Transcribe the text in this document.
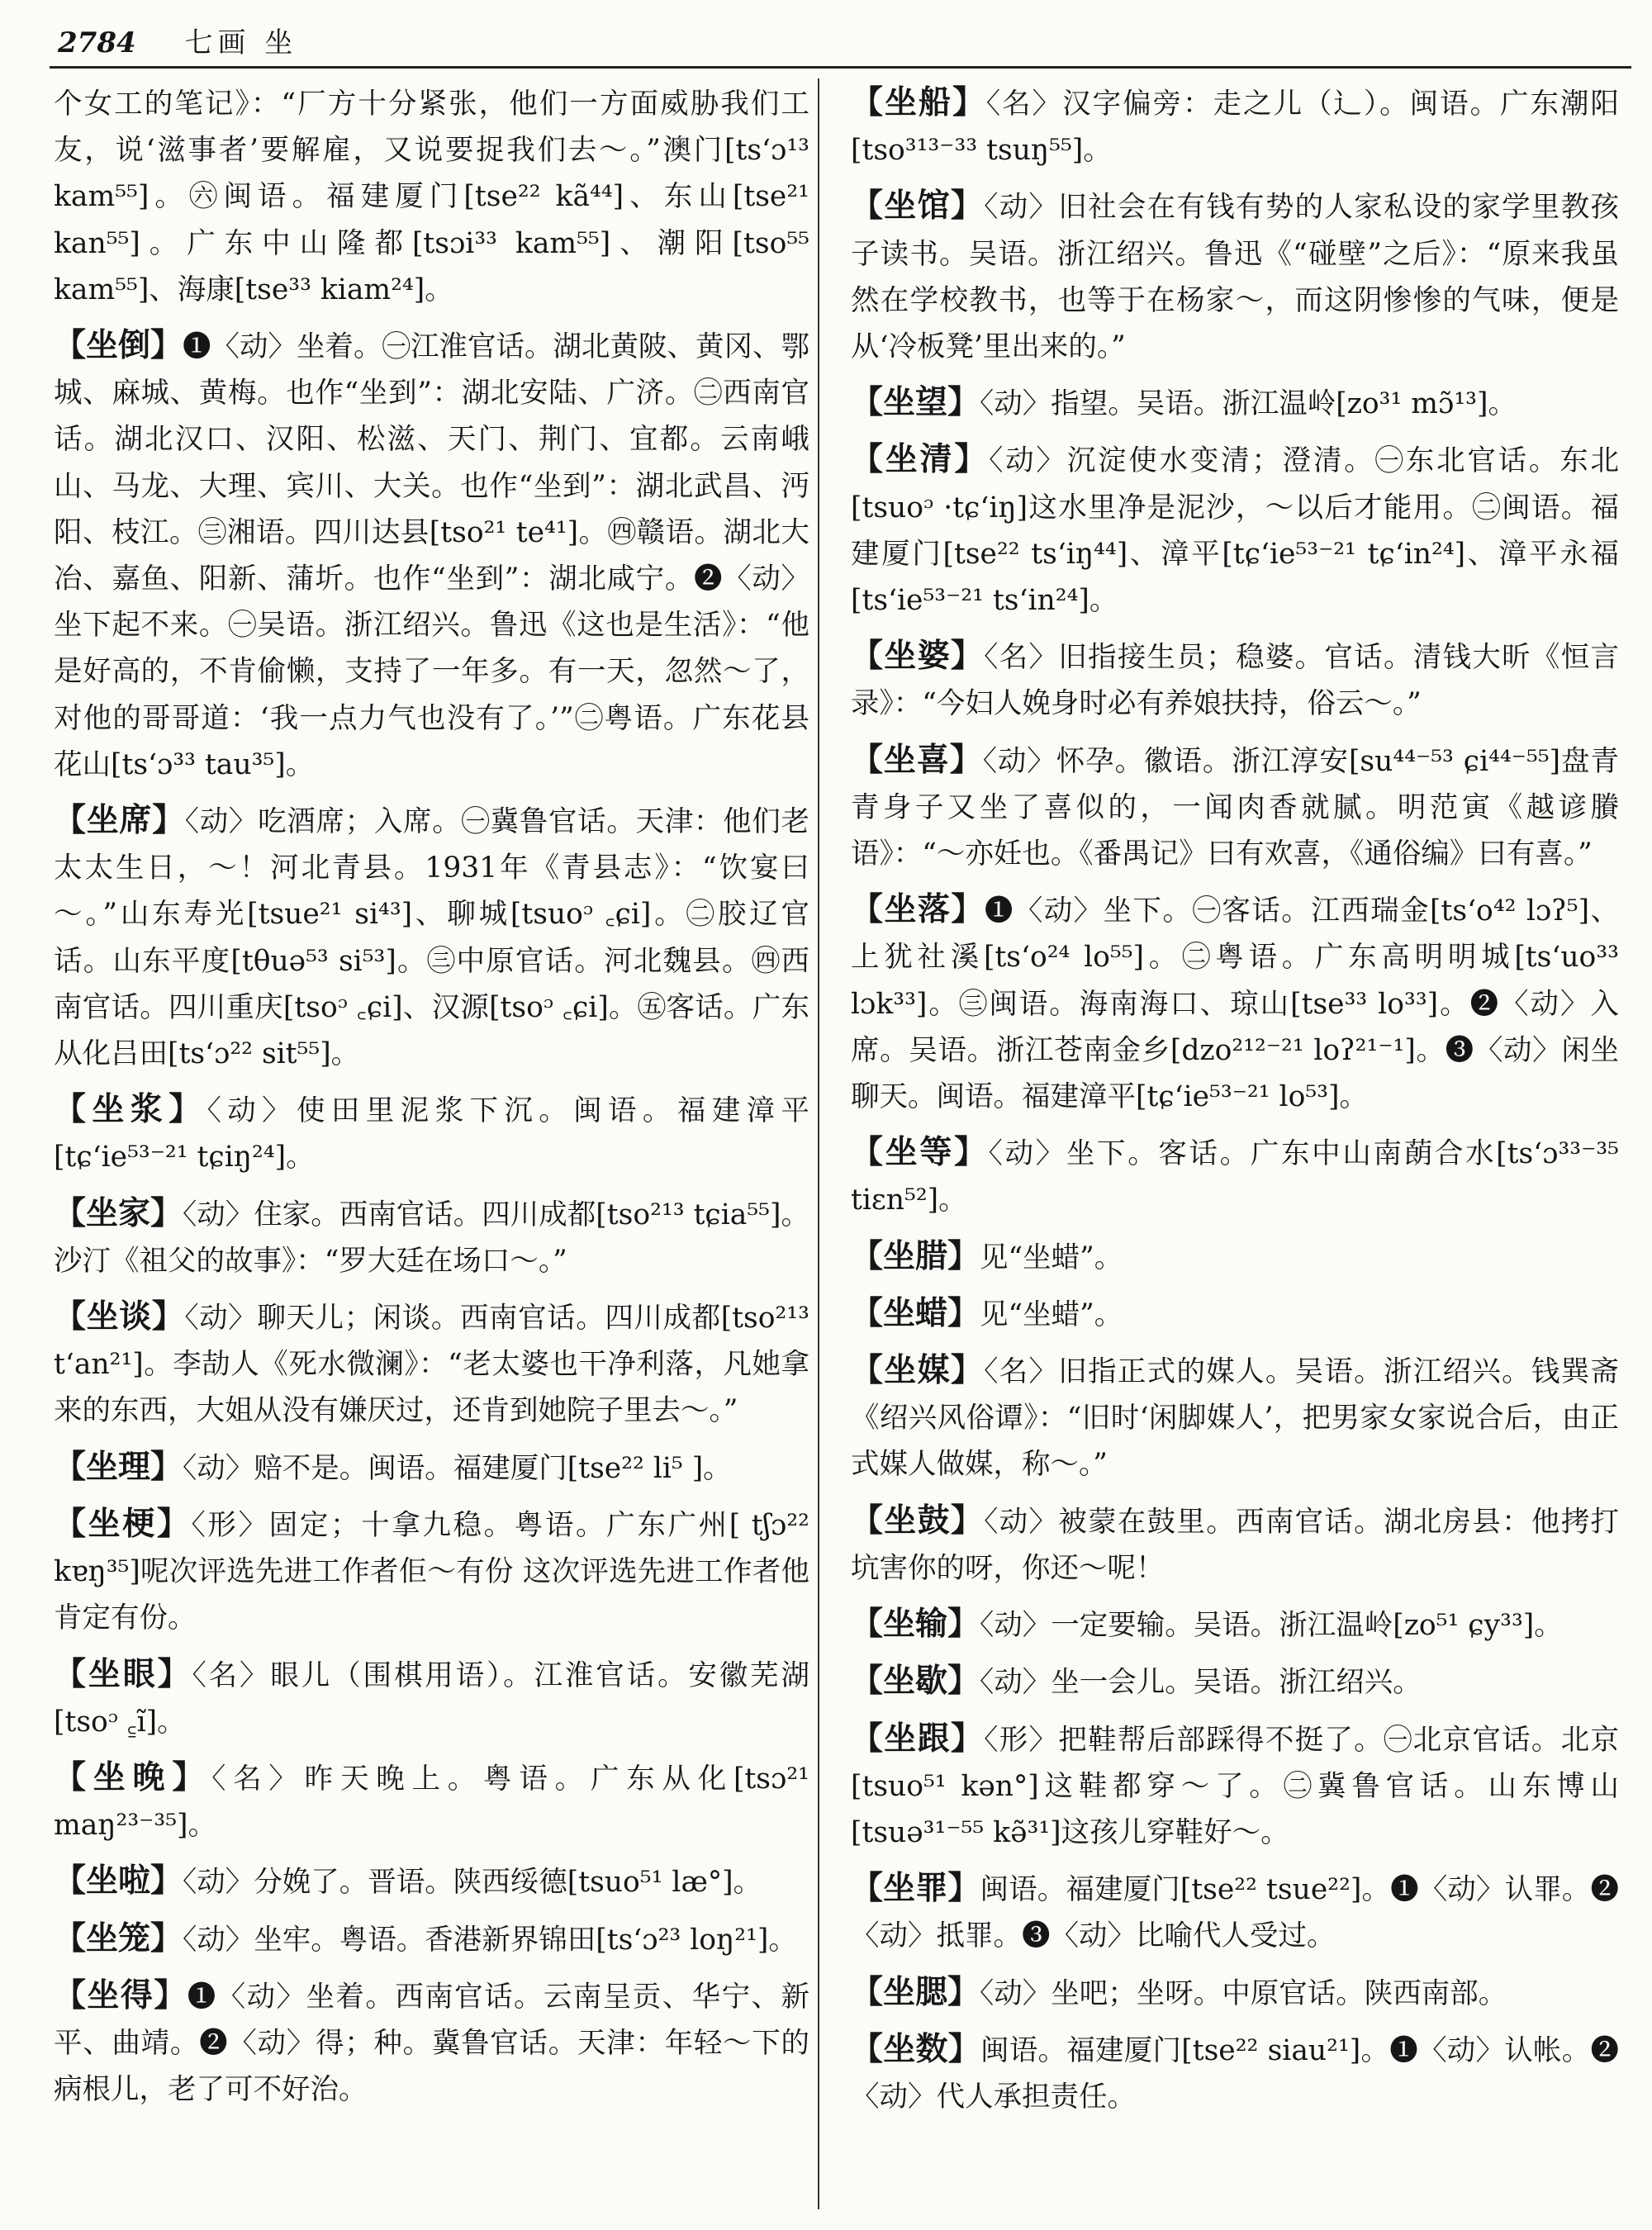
2784 七画 坐

个女工的笔记》：“厂方十分紧张，他们一方面威胁我们工友，说‘滋事者’要解雇，又说要捉我们去～。”澳门[ts‘ɔ¹³ kam⁵⁵]。㊅闽语。福建厦门[tse²² kã⁴⁴]、东山[tse²¹ kan⁵⁵]。广东中山隆都[tsɔi³³ kam⁵⁵]、潮阳[tso⁵⁵ kam⁵⁵]、海康[tse³³ kiam²⁴]。

【坐倒】❶〈动〉坐着。㊀江淮官话。湖北黄陂、黄冈、鄂城、麻城、黄梅。也作“坐到”：湖北安陆、广济。㊁西南官话。湖北汉口、汉阳、松滋、天门、荆门、宜都。云南峨山、马龙、大理、宾川、大关。也作“坐到”：湖北武昌、沔阳、枝江。㊂湘语。四川达县[tso²¹ te⁴¹]。㊃赣语。湖北大冶、嘉鱼、阳新、蒲圻。也作“坐到”：湖北咸宁。❷〈动〉坐下起不来。㊀吴语。浙江绍兴。鲁迅《这也是生活》：“他是好高的，不肯偷懒，支持了一年多。有一天，忽然～了，对他的哥哥道：‘我一点力气也没有了。’”㊁粤语。广东花县花山[ts‘ɔ³³ tau³⁵]。

【坐席】〈动〉吃酒席；入席。㊀冀鲁官话。天津：他们老太太生日，～！河北青县。1931年《青县志》：“饮宴曰～。”山东寿光[tsue²¹ si⁴³]、聊城[tsuoᵓ ꜀ɕi]。㊁胶辽官话。山东平度[tθuə⁵³ si⁵³]。㊂中原官话。河北魏县。㊃西南官话。四川重庆[tsoᵓ ꜀ɕi]、汉源[tsoᵓ ꜀ɕi]。㊄客话。广东从化吕田[ts‘ɔ²² sit⁵⁵]。

【坐浆】〈动〉使田里泥浆下沉。闽语。福建漳平[tɕ‘ie⁵³⁻²¹ tɕiŋ²⁴]。

【坐家】〈动〉住家。西南官话。四川成都[tso²¹³ tɕia⁵⁵]。沙汀《祖父的故事》：“罗大廷在场口～。”

【坐谈】〈动〉聊天儿；闲谈。西南官话。四川成都[tso²¹³ t‘an²¹]。李劼人《死水微澜》：“老太婆也干净利落，凡她拿来的东西，大姐从没有嫌厌过，还肯到她院子里去～。”

【坐理】〈动〉赔不是。闽语。福建厦门[tse²² li⁵ ]。

【坐梗】〈形〉固定；十拿九稳。粤语。广东广州[ tʃɔ²² kɐŋ³⁵]呢次评选先进工作者佢～有份 这次评选先进工作者他肯定有份。

【坐眼】〈名〉眼儿（围棋用语）。江淮官话。安徽芜湖[tsoᵓ ꜁ĩ]。

【坐晚】〈名〉昨天晚上。粤语。广东从化[tsɔ²¹ maŋ²³⁻³⁵]。

【坐啦】〈动〉分娩了。晋语。陕西绥德[tsuo⁵¹ læ°]。

【坐笼】〈动〉坐牢。粤语。香港新界锦田[ts‘ɔ²³ loŋ²¹]。

【坐得】❶〈动〉坐着。西南官话。云南呈贡、华宁、新平、曲靖。❷〈动〉得；种。冀鲁官话。天津：年轻～下的病根儿，老了可不好治。

【坐船】〈名〉汉字偏旁：走之儿（辶）。闽语。广东潮阳[tso³¹³⁻³³ tsuŋ⁵⁵]。

【坐馆】〈动〉旧社会在有钱有势的人家私设的家学里教孩子读书。吴语。浙江绍兴。鲁迅《“碰壁”之后》：“原来我虽然在学校教书，也等于在杨家～，而这阴惨惨的气味，便是从‘冷板凳’里出来的。”

【坐望】〈动〉指望。吴语。浙江温岭[zo³¹ mɔ̃¹³]。

【坐清】〈动〉沉淀使水变清；澄清。㊀东北官话。东北[tsuoᵓ ·tɕ‘iŋ]这水里净是泥沙，～以后才能用。㊁闽语。福建厦门[tse²² ts‘iŋ⁴⁴]、漳平[tɕ‘ie⁵³⁻²¹ tɕ‘in²⁴]、漳平永福[ts‘ie⁵³⁻²¹ ts‘in²⁴]。

【坐婆】〈名〉旧指接生员；稳婆。官话。清钱大昕《恒言录》：“今妇人娩身时必有养娘扶持，俗云～。”

【坐喜】〈动〉怀孕。徽语。浙江淳安[su⁴⁴⁻⁵³ ɕi⁴⁴⁻⁵⁵]盘青青身子又坐了喜似的，一闻肉香就腻。明范寅《越谚賸语》：“～亦妊也。《番禺记》曰有欢喜，《通俗编》曰有喜。”

【坐落】❶〈动〉坐下。㊀客话。江西瑞金[ts‘o⁴² lɔʔ⁵]、上犹社溪[ts‘o²⁴ lo⁵⁵]。㊁粤语。广东高明明城[ts‘uo³³ lɔk³³]。㊂闽语。海南海口、琼山[tse³³ lo³³]。❷〈动〉入席。吴语。浙江苍南金乡[dzo²¹²⁻²¹ loʔ²¹⁻¹]。❸〈动〉闲坐聊天。闽语。福建漳平[tɕ‘ie⁵³⁻²¹ lo⁵³]。

【坐等】〈动〉坐下。客话。广东中山南蓢合水[ts‘ɔ³³⁻³⁵ tiɛn⁵²]。

【坐腊】见“坐蜡”。

【坐蜡】见“坐蜡”。

【坐媒】〈名〉旧指正式的媒人。吴语。浙江绍兴。钱巽斋《绍兴风俗谭》：“旧时‘闲脚媒人’，把男家女家说合后，由正式媒人做媒，称～。”

【坐鼓】〈动〉被蒙在鼓里。西南官话。湖北房县：他拷打坑害你的呀，你还～呢！

【坐输】〈动〉一定要输。吴语。浙江温岭[zo⁵¹ ɕy³³]。

【坐歇】〈动〉坐一会儿。吴语。浙江绍兴。

【坐跟】〈形〉把鞋帮后部踩得不挺了。㊀北京官话。北京[tsuo⁵¹ kən°]这鞋都穿～了。㊁冀鲁官话。山东博山[tsuə³¹⁻⁵⁵ kə̃³¹]这孩儿穿鞋好～。

【坐罪】闽语。福建厦门[tse²² tsue²²]。❶〈动〉认罪。❷〈动〉抵罪。❸〈动〉比喻代人受过。

【坐腮】〈动〉坐吧；坐呀。中原官话。陕西南部。

【坐数】闽语。福建厦门[tse²² siau²¹]。❶〈动〉认帐。❷〈动〉代人承担责任。
